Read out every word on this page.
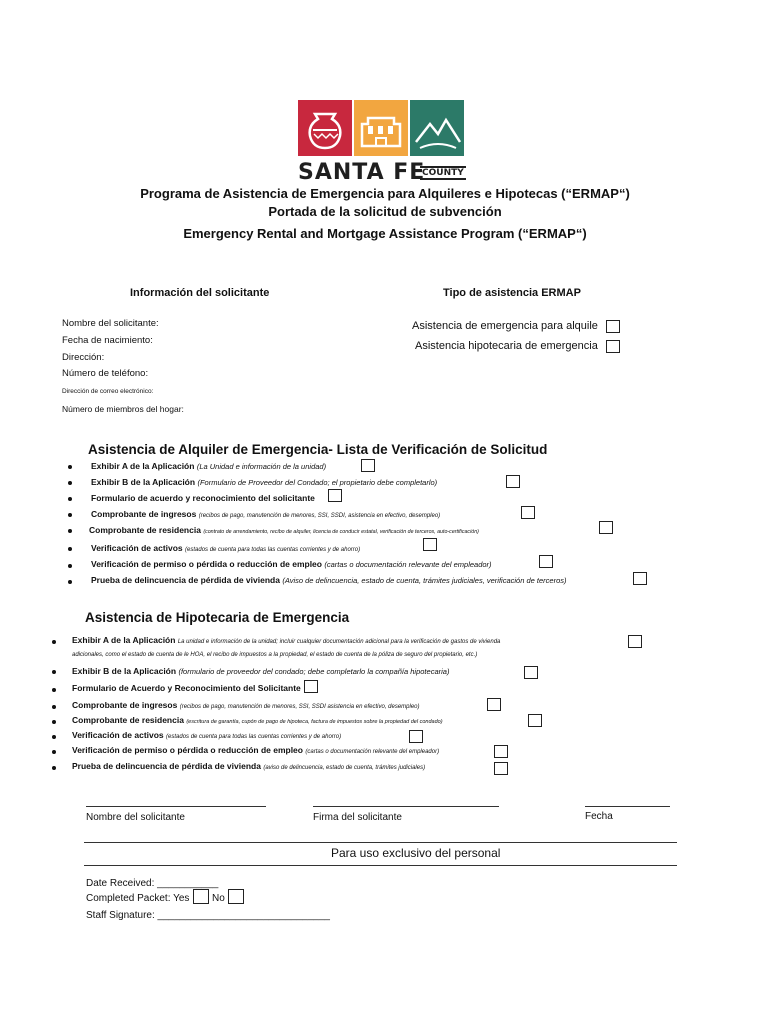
SANTA FE
COUNTY
Programa de Asistencia de Emergencia para Alquileres e Hipotecas (“ERMAP“)
Portada de la solicitud de subvención
Emergency Rental and Mortgage Assistance Program (“ERMAP“)
Información del solicitante
Nombre del solicitante:
Fecha de nacimiento:
Dirección:
Número de teléfono:
Dirección de correo electrónico:
Número de miembros del hogar:
Tipo de asistencia ERMAP
Asistencia de emergencia para alquile
Asistencia hipotecaria de emergencia
Asistencia de Alquiler de Emergencia- Lista de Verificación de Solicitud
Exhibir A de la Aplicación (La Unidad e información de la unidad)
Exhibir B de la Aplicación (Formulario de Proveedor del Condado; el propietario debe completarlo)
Formulario de acuerdo y reconocimiento del solicitante
Comprobante de ingresos (recibos de pago, manutención de menores, SSI, SSDI, asistencia en efectivo, desempleo)
Comprobante de residencia (contrato de arrendamiento, recibo de alquiler, licencia de conducir estatal, verificación de terceros, auto-certificación)
Verificación de activos (estados de cuenta para todas las cuentas corrientes y de ahorro)
Verificación de permiso o pérdida o reducción de empleo (cartas o documentación relevante del empleador)
Prueba de delincuencia de pérdida de vivienda (Aviso de delincuencia, estado de cuenta, trámites judiciales, verificación de terceros)
Asistencia de Hipotecaria de Emergencia
Exhibir A de la Aplicación La unidad e información de la unidad; incluir cualquier documentación adicional para la verificación de gastos de vivienda
adicionales, como el estado de cuenta de le HOA, el recibo de impuestos a la propiedad, el estado de cuenta de la póliza de seguro del propietario, etc.)
Exhibir B de la Aplicación (formulario de proveedor del condado; debe completarlo la compañía hipotecaria)
Formulario de Acuerdo y Reconocimiento del Solicitante
Comprobante de ingresos (recibos de pago, manutención de menores, SSI, SSDI asistencia en efectivo, desempleo)
Comprobante de residencia (escritura de garantía, cupón de pago de hipoteca, factura de impuestos sobre la propiedad del condado)
Verificación de activos (estados de cuenta para todas las cuentas corrientes y de ahorro)
Verificación de permiso o pérdida o reducción de empleo (cartas o documentación relevante del empleador)
Prueba de delincuencia de pérdida de vivienda (aviso de delincuencia, estado de cuenta, trámites judiciales)
Nombre del solicitante	Firma del solicitante	Fecha
Para uso exclusivo del personal
Date Received: ___________
Completed Packet: Yes No
Staff Signature: _______________________________
